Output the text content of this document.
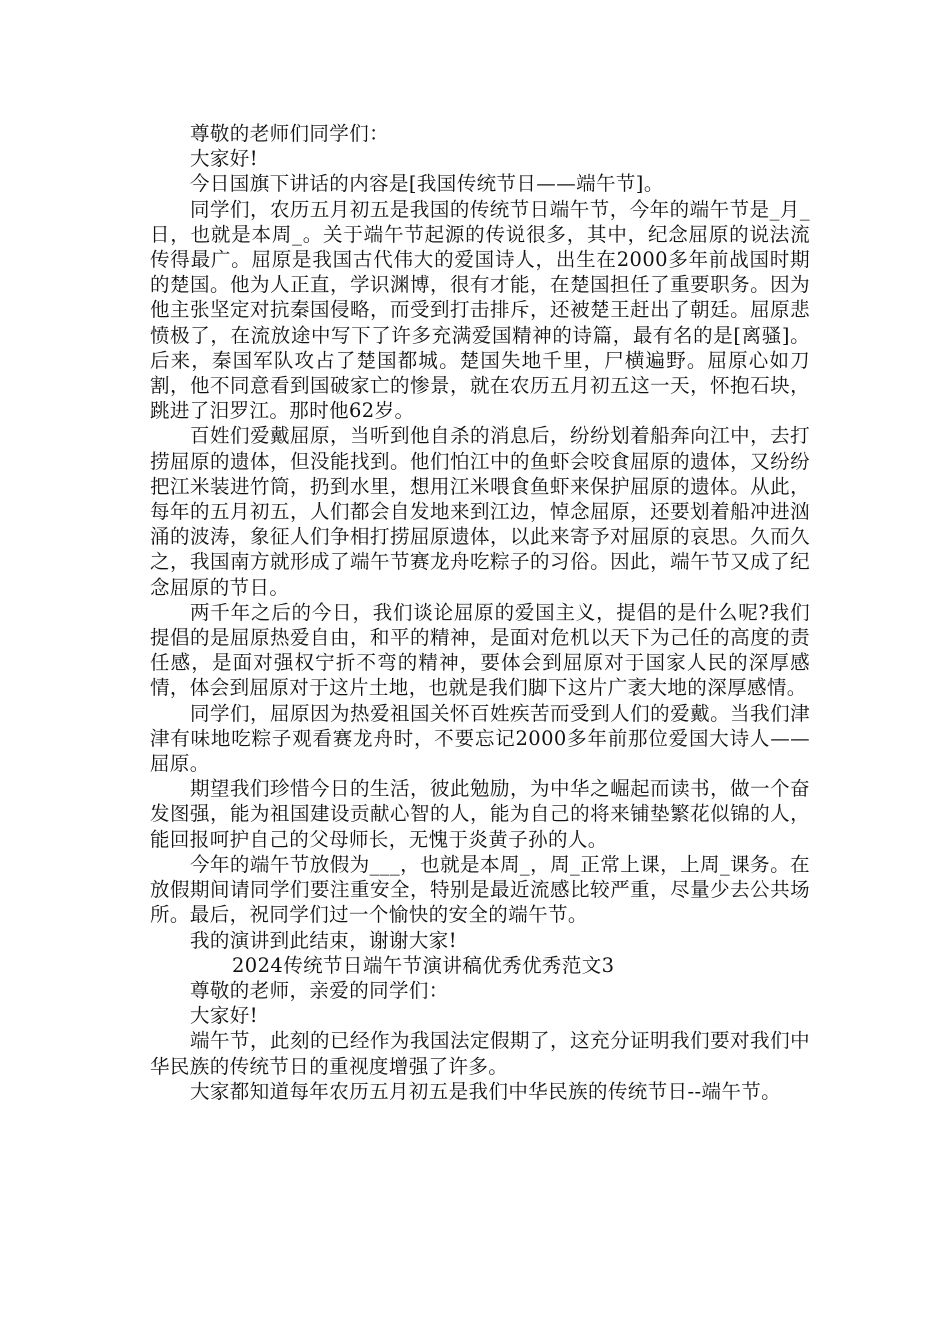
尊敬的老师们同学们：

大家好!

今日国旗下讲话的内容是[我国传统节日——端午节]。

同学们，农历五月初五是我国的传统节日端午节，今年的端午节是_月_日，也就是本周_。关于端午节起源的传说很多，其中，纪念屈原的说法流传得最广。屈原是我国古代伟大的爱国诗人，出生在2000多年前战国时期的楚国。他为人正直，学识渊博，很有才能，在楚国担任了重要职务。因为他主张坚定对抗秦国侵略，而受到打击排斥，还被楚王赶出了朝廷。屈原悲愤极了，在流放途中写下了许多充满爱国精神的诗篇，最有名的是[离骚]。后来，秦国军队攻占了楚国都城。楚国失地千里，尸横遍野。屈原心如刀割，他不同意看到国破家亡的惨景，就在农历五月初五这一天，怀抱石块，跳进了汨罗江。那时他62岁。

百姓们爱戴屈原，当听到他自杀的消息后，纷纷划着船奔向江中，去打捞屈原的遗体，但没能找到。他们怕江中的鱼虾会咬食屈原的遗体，又纷纷把江米装进竹筒，扔到水里，想用江米喂食鱼虾来保护屈原的遗体。从此，每年的五月初五，人们都会自发地来到江边，悼念屈原，还要划着船冲进汹涌的波涛，象征人们争相打捞屈原遗体，以此来寄予对屈原的哀思。久而久之，我国南方就形成了端午节赛龙舟吃粽子的习俗。因此，端午节又成了纪念屈原的节日。

两千年之后的今日，我们谈论屈原的爱国主义，提倡的是什么呢?我们提倡的是屈原热爱自由，和平的精神，是面对危机以天下为己任的高度的责任感，是面对强权宁折不弯的精神，要体会到屈原对于国家人民的深厚感情，体会到屈原对于这片土地，也就是我们脚下这片广袤大地的深厚感情。

同学们，屈原因为热爱祖国关怀百姓疾苦而受到人们的爱戴。当我们津津有味地吃粽子观看赛龙舟时，不要忘记2000多年前那位爱国大诗人——屈原。

期望我们珍惜今日的生活，彼此勉励，为中华之崛起而读书，做一个奋发图强，能为祖国建设贡献心智的人，能为自己的将来铺垫繁花似锦的人，能回报呵护自己的父母师长，无愧于炎黄子孙的人。

今年的端午节放假为___，也就是本周_，周_正常上课，上周_课务。在放假期间请同学们要注重安全，特别是最近流感比较严重，尽量少去公共场所。最后，祝同学们过一个愉快的安全的端午节。

我的演讲到此结束，谢谢大家!

2024传统节日端午节演讲稿优秀优秀范文3

尊敬的老师，亲爱的同学们：

大家好!

端午节，此刻的已经作为我国法定假期了，这充分证明我们要对我们中华民族的传统节日的重视度增强了许多。

大家都知道每年农历五月初五是我们中华民族的传统节日--端午节。
